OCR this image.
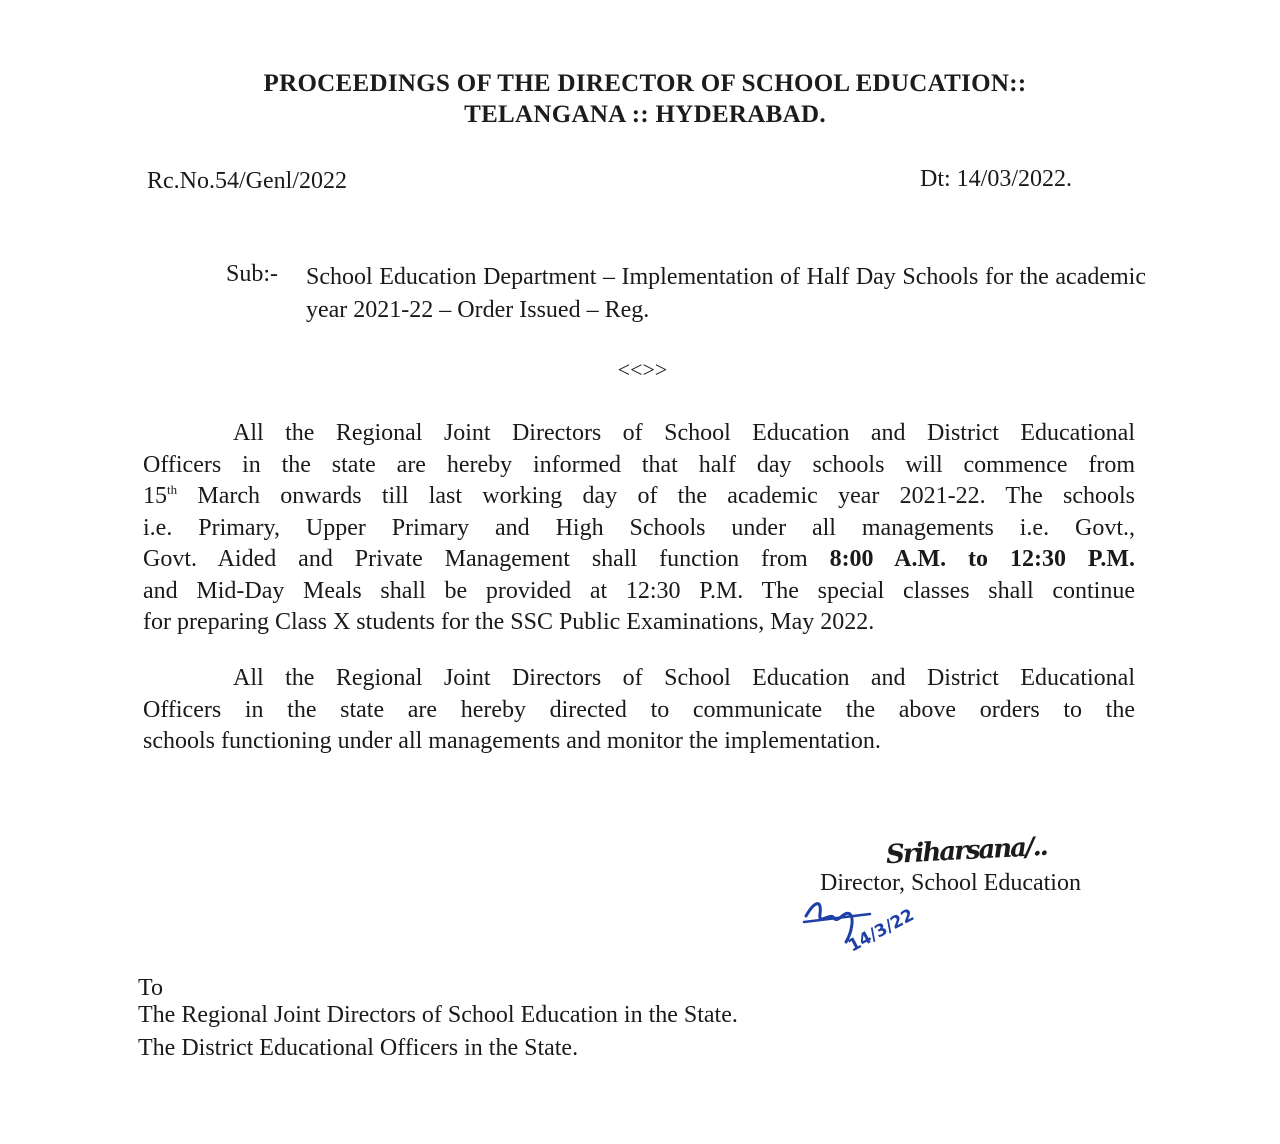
PROCEEDINGS OF THE DIRECTOR OF SCHOOL EDUCATION::
TELANGANA :: HYDERABAD.
Rc.No.54/Genl/2022	Dt: 14/03/2022.
Sub:- School Education Department – Implementation of Half Day Schools for the academic year 2021-22 – Order Issued – Reg.
<<>>
All the Regional Joint Directors of School Education and District Educational
Officers in the state are hereby informed that half day schools will commence from
15th March onwards till last working day of the academic year 2021-22. The schools
i.e. Primary, Upper Primary and High Schools under all managements i.e. Govt.,
Govt. Aided and Private Management shall function from 8:00 A.M. to 12:30 P.M.
and Mid-Day Meals shall be provided at 12:30 P.M. The special classes shall continue
for preparing Class X students for the SSC Public Examinations, May 2022.
All the Regional Joint Directors of School Education and District Educational
Officers in the state are hereby directed to communicate the above orders to the
schools functioning under all managements and monitor the implementation.
Sriharsana/..
Director, School Education
14/3/22
To
The Regional Joint Directors of School Education in the State.
The District Educational Officers in the State.
